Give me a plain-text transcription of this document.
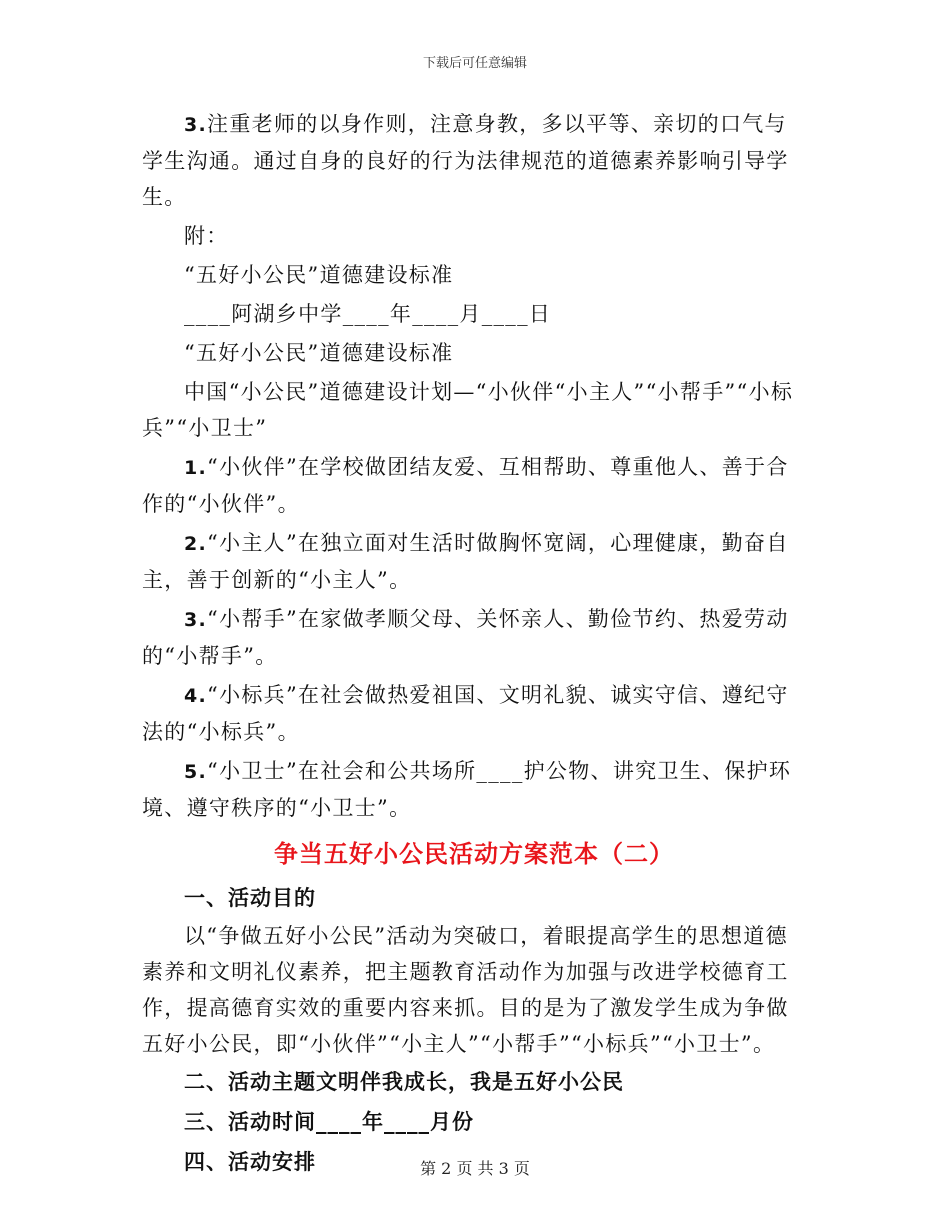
下载后可任意编辑

3.注重老师的以身作则，注意身教，多以平等、亲切的口气与学生沟通。通过自身的良好的行为法律规范的道德素养影响引导学生。

附：

“五好小公民”道德建设标准

____阿湖乡中学____年____月____日

“五好小公民”道德建设标准

中国“小公民”道德建设计划—“小伙伴“小主人”“小帮手”“小标兵”“小卫士”

1.“小伙伴”在学校做团结友爱、互相帮助、尊重他人、善于合作的“小伙伴”。

2.“小主人”在独立面对生活时做胸怀宽阔，心理健康，勤奋自主，善于创新的“小主人”。

3.“小帮手”在家做孝顺父母、关怀亲人、勤俭节约、热爱劳动的“小帮手”。

4.“小标兵”在社会做热爱祖国、文明礼貌、诚实守信、遵纪守法的“小标兵”。

5.“小卫士”在社会和公共场所____护公物、讲究卫生、保护环境、遵守秩序的“小卫士”。

争当五好小公民活动方案范本（二）

一、活动目的

以“争做五好小公民”活动为突破口，着眼提高学生的思想道德素养和文明礼仪素养，把主题教育活动作为加强与改进学校德育工作，提高德育实效的重要内容来抓。目的是为了激发学生成为争做五好小公民，即“小伙伴”“小主人”“小帮手”“小标兵”“小卫士”。

二、活动主题文明伴我成长，我是五好小公民

三、活动时间____年____月份

四、活动安排	第 2 页 共 3 页
